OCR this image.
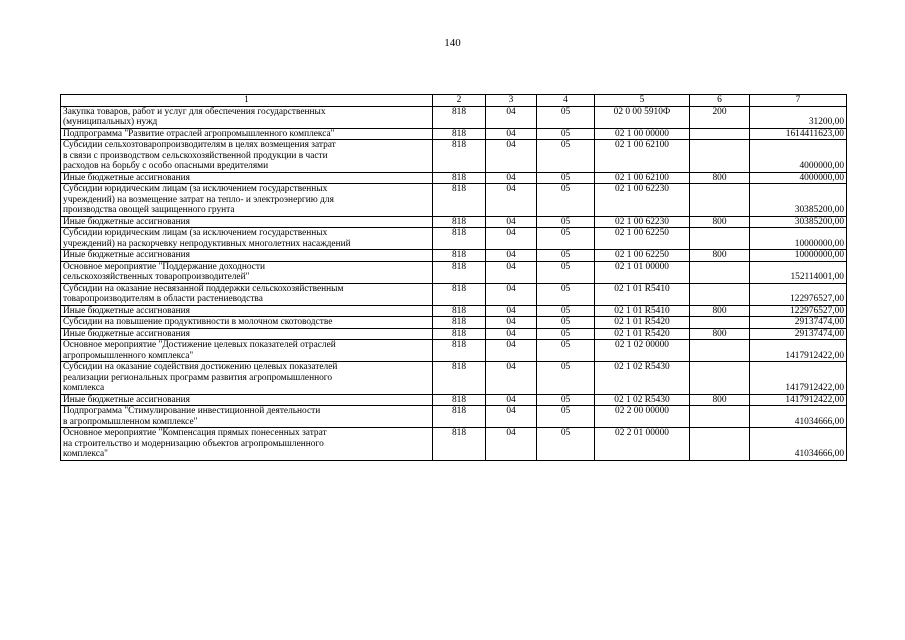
140
1	2	3	4	5	6	7

Закупка товаров, работ и услуг для обеспечения государственных
(муниципальных) нужд	818	04	05	02 0 00 5910Ф	200	31200,00

Подпрограмма "Развитие отраслей агропромышленного комплекса"	818	04	05	02 1 00 00000		1614411623,00

Субсидии сельхозтоваропроизводителям в целях возмещения затрат
в связи с производством сельскохозяйственной продукции в части
расходов на борьбу с особо опасными вредителями	818	04	05	02 1 00 62100		4000000,00

Иные бюджетные ассигнования	818	04	05	02 1 00 62100	800	4000000,00

Субсидии юридическим лицам (за исключением государственных
учреждений) на возмещение затрат на тепло- и электроэнергию для
производства овощей защищенного грунта	818	04	05	02 1 00 62230		30385200,00

Иные бюджетные ассигнования	818	04	05	02 1 00 62230	800	30385200,00

Субсидии юридическим лицам (за исключением государственных
учреждений) на раскорчевку непродуктивных многолетних насаждений	818	04	05	02 1 00 62250		10000000,00

Иные бюджетные ассигнования	818	04	05	02 1 00 62250	800	10000000,00

Основное мероприятие "Поддержание доходности
сельскохозяйственных товаропроизводителей"	818	04	05	02 1 01 00000		152114001,00

Субсидии на оказание несвязанной поддержки сельскохозяйственным
товаропроизводителям в области растениеводства	818	04	05	02 1 01 R5410		122976527,00

Иные бюджетные ассигнования	818	04	05	02 1 01 R5410	800	122976527,00

Субсидии на повышение продуктивности в молочном скотоводстве	818	04	05	02 1 01 R5420		29137474,00

Иные бюджетные ассигнования	818	04	05	02 1 01 R5420	800	29137474,00

Основное мероприятие "Достижение целевых показателей отраслей
агропромышленного комплекса"	818	04	05	02 1 02 00000		1417912422,00

Субсидии на оказание содействия достижению целевых показателей
реализации региональных программ развития агропромышленного
комплекса	818	04	05	02 1 02 R5430		1417912422,00

Иные бюджетные ассигнования	818	04	05	02 1 02 R5430	800	1417912422,00

Подпрограмма "Стимулирование инвестиционной деятельности
в агропромышленном комплексе"	818	04	05	02 2 00 00000		41034666,00

Основное мероприятие "Компенсация прямых понесенных затрат
на строительство и модернизацию объектов агропромышленного
комплекса"	818	04	05	02 2 01 00000		41034666,00
